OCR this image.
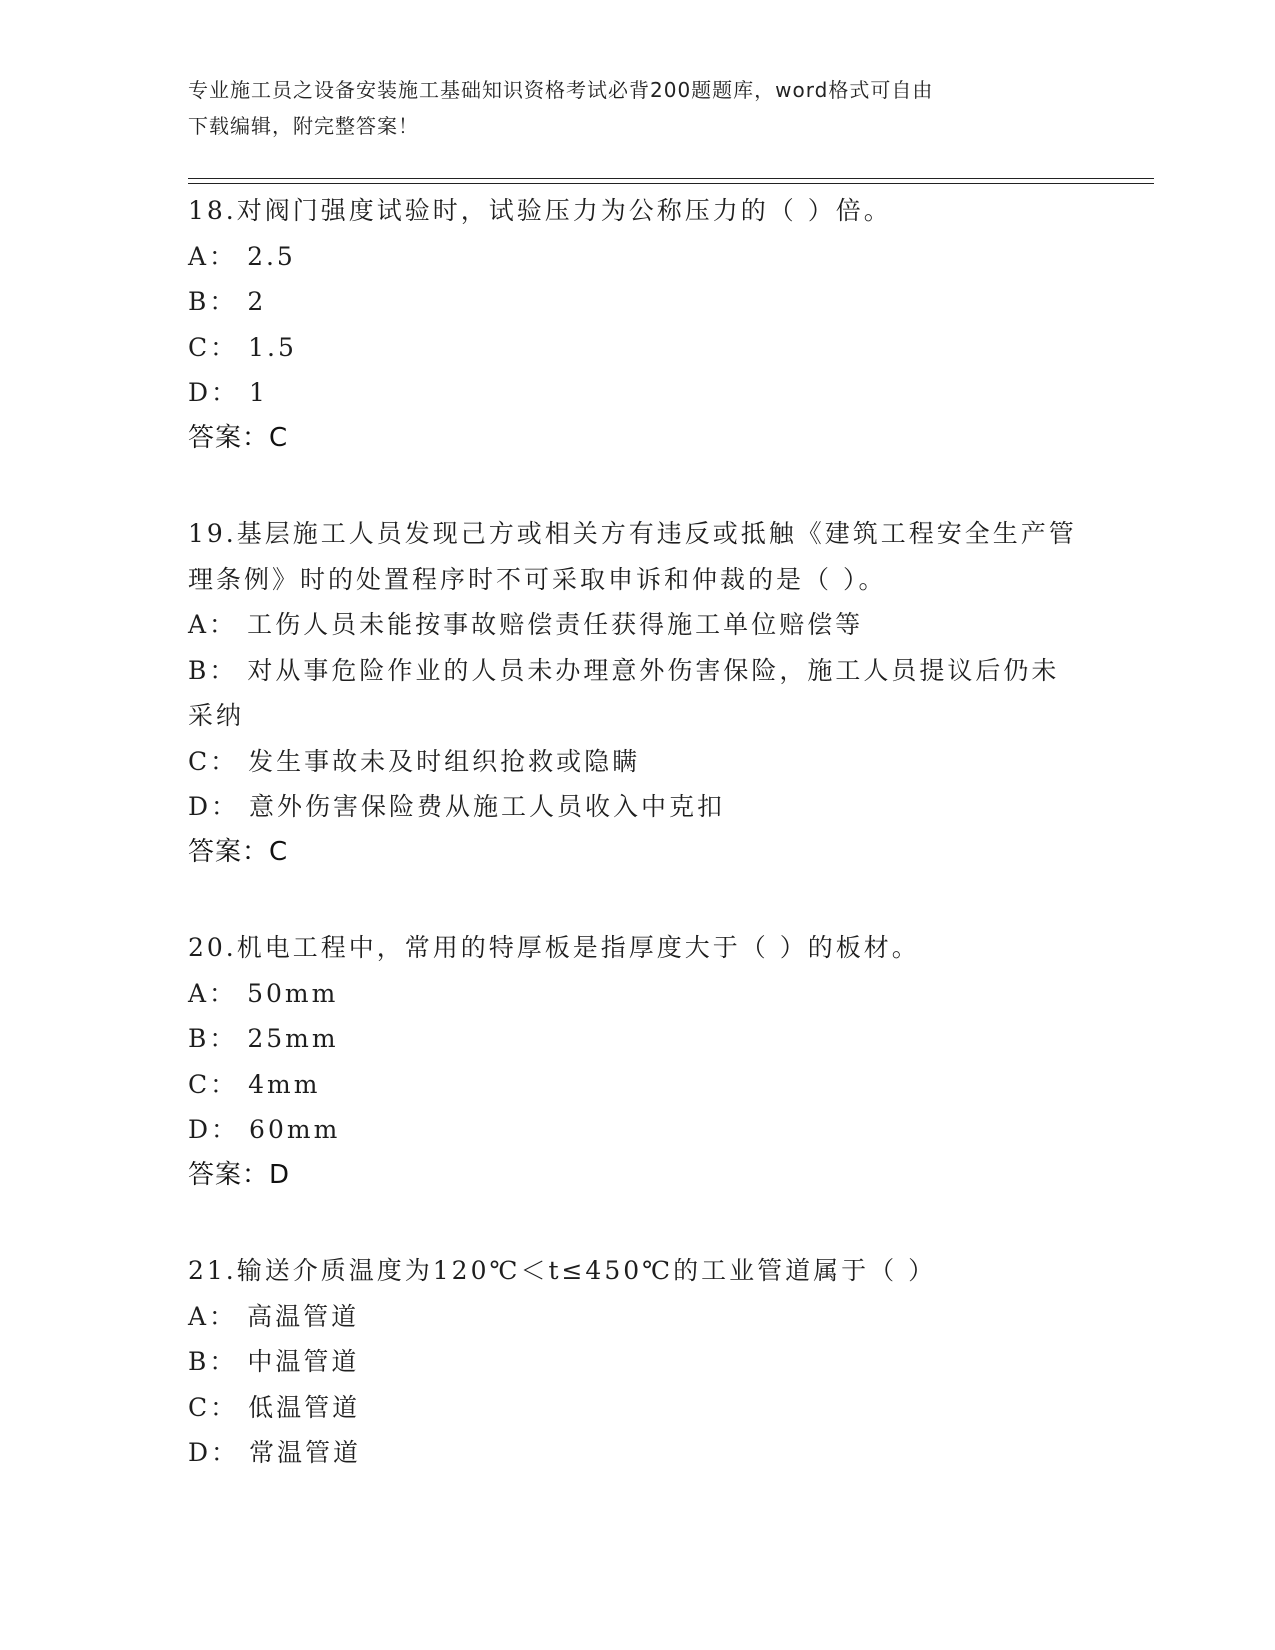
专业施工员之设备安装施工基础知识资格考试必背200题题库，word格式可自由
下载编辑，附完整答案！
18.对阀门强度试验时，试验压力为公称压力的（ ）倍。
A： 2.5
B： 2
C： 1.5
D： 1
答案：C
19.基层施工人员发现己方或相关方有违反或抵触《建筑工程安全生产管理条例》时的处置程序时不可采取申诉和仲裁的是（ ）。
A： 工伤人员未能按事故赔偿责任获得施工单位赔偿等
B： 对从事危险作业的人员未办理意外伤害保险，施工人员提议后仍未采纳
C： 发生事故未及时组织抢救或隐瞒
D： 意外伤害保险费从施工人员收入中克扣
答案：C
20.机电工程中，常用的特厚板是指厚度大于（ ）的板材。
A： 50mm
B： 25mm
C： 4mm
D： 60mm
答案：D
21.输送介质温度为120℃＜t≤450℃的工业管道属于（ ）
A： 高温管道
B： 中温管道
C： 低温管道
D： 常温管道
